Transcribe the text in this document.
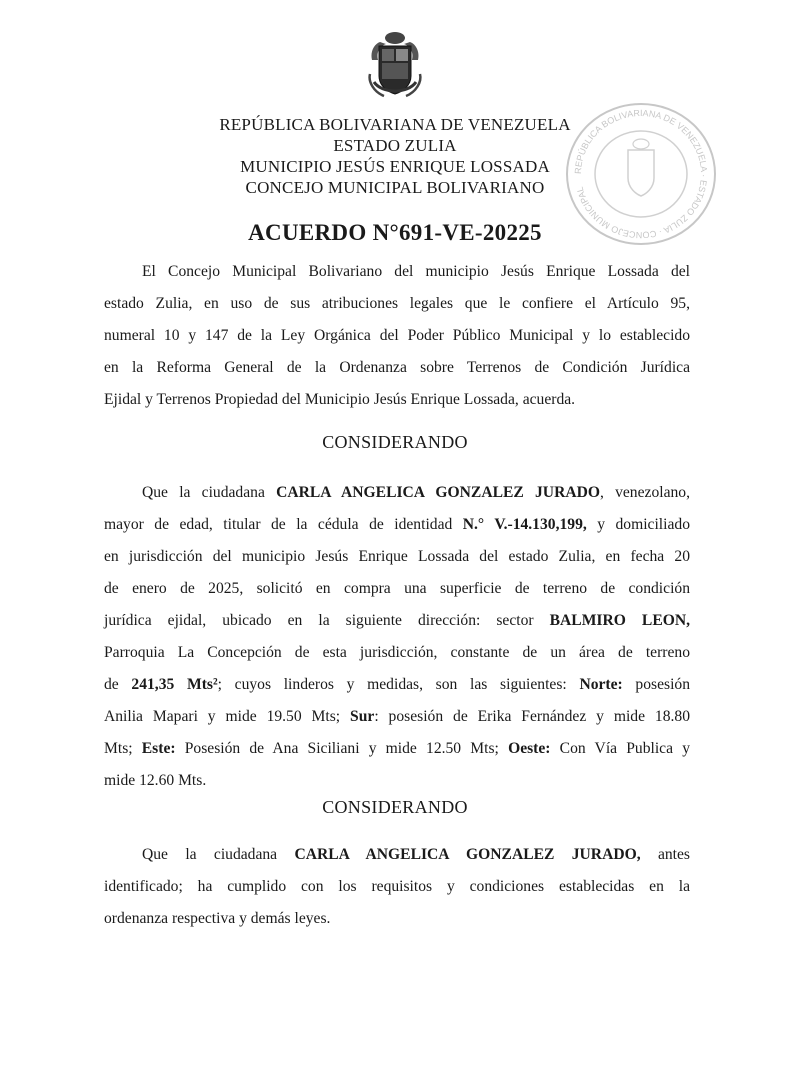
REPÚBLICA BOLIVARIANA DE VENEZUELA · ESTADO ZULIA · CONCEJO MUNICIPAL
REPÚBLICA BOLIVARIANA DE VENEZUELA
ESTADO ZULIA
MUNICIPIO JESÚS ENRIQUE LOSSADA
CONCEJO MUNICIPAL BOLIVARIANO
ACUERDO N°691-VE-20225

El Concejo Municipal Bolivariano del municipio Jesús Enrique Lossada del
estado Zulia, en uso de sus atribuciones legales que le confiere el Artículo 95,
numeral 10 y 147 de la Ley Orgánica del Poder Público Municipal y lo establecido
en la Reforma General de la Ordenanza sobre Terrenos de Condición Jurídica
Ejidal y Terrenos Propiedad del Municipio Jesús Enrique Lossada, acuerda.

CONSIDERANDO

Que la ciudadana CARLA ANGELICA GONZALEZ JURADO, venezolano,
mayor de edad, titular de la cédula de identidad N.° V.-14.130,199, y domiciliado
en jurisdicción del municipio Jesús Enrique Lossada del estado Zulia, en fecha 20
de enero de 2025, solicitó en compra una superficie de terreno de condición
jurídica ejidal, ubicado en la siguiente dirección: sector BALMIRO LEON,
Parroquia La Concepción de esta jurisdicción, constante de un área de terreno
de 241,35 Mts²; cuyos linderos y medidas, son las siguientes: Norte: posesión
Anilia Mapari y mide 19.50 Mts; Sur: posesión de Erika Fernández y mide 18.80
Mts; Este: Posesión de Ana Siciliani y mide 12.50 Mts; Oeste: Con Vía Publica y
mide 12.60 Mts.

CONSIDERANDO

Que la ciudadana CARLA ANGELICA GONZALEZ JURADO, antes
identificado; ha cumplido con los requisitos y condiciones establecidas en la
ordenanza respectiva y demás leyes.
